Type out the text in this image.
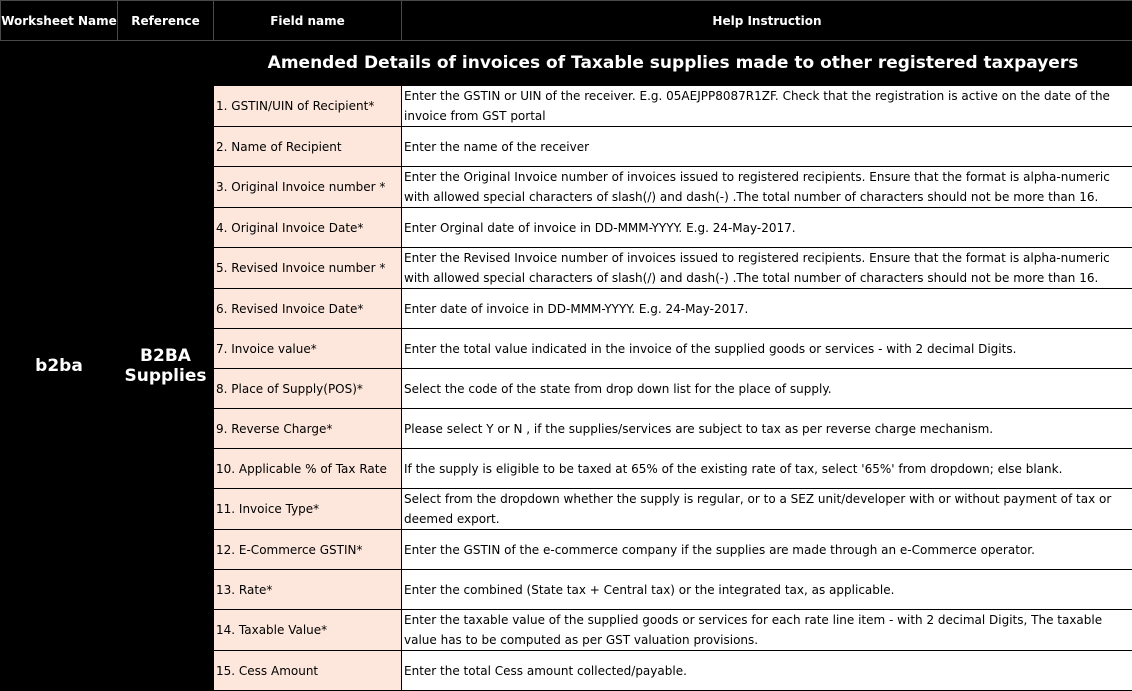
Worksheet Name	Reference	Field name	Help Instruction
b2ba	B2BA Supplies	Amended Details of invoices of Taxable supplies made to other registered taxpayers	
		1. GSTIN/UIN of Recipient*	Enter the GSTIN or UIN of the receiver. E.g. 05AEJPP8087R1ZF. Check that the registration is active on the date of the invoice from GST portal
		2. Name of Recipient	Enter the name of the receiver
		3. Original Invoice number *	Enter the Original Invoice number of invoices issued to registered recipients. Ensure that the format is alpha-numeric with allowed special characters of slash(/) and dash(-) .The total number of characters should not be more than 16.
		4. Original Invoice Date*	Enter Orginal date of invoice in DD-MMM-YYYY. E.g. 24-May-2017.
		5. Revised Invoice number *	Enter the Revised Invoice number of invoices issued to registered recipients. Ensure that the format is alpha-numeric with allowed special characters of slash(/) and dash(-) .The total number of characters should not be more than 16.
		6. Revised Invoice Date*	Enter date of invoice in DD-MMM-YYYY. E.g. 24-May-2017.
		7. Invoice value*	Enter the total value indicated in the invoice of the supplied goods or services - with 2 decimal Digits.
		8. Place of Supply(POS)*	Select the code of the state from drop down list for the place of supply.
		9. Reverse Charge*	Please select Y or N , if the supplies/services are subject to tax as per reverse charge mechanism.
		10. Applicable % of Tax Rate	If the supply is eligible to be taxed at 65% of the existing rate of tax, select '65%' from dropdown; else blank.
		11. Invoice Type*	Select from the dropdown whether the supply is regular, or to a SEZ unit/developer with or without payment of tax or deemed export.
		12. E-Commerce GSTIN*	Enter the GSTIN of the e-commerce company if the supplies are made through an e-Commerce operator.
		13. Rate*	Enter the combined (State tax + Central tax) or the integrated tax, as applicable.
		14. Taxable Value*	Enter the taxable value of the supplied goods or services for each rate line item - with 2 decimal Digits, The taxable value has to be computed as per GST valuation provisions.
		15. Cess Amount	Enter the total Cess amount collected/payable.
